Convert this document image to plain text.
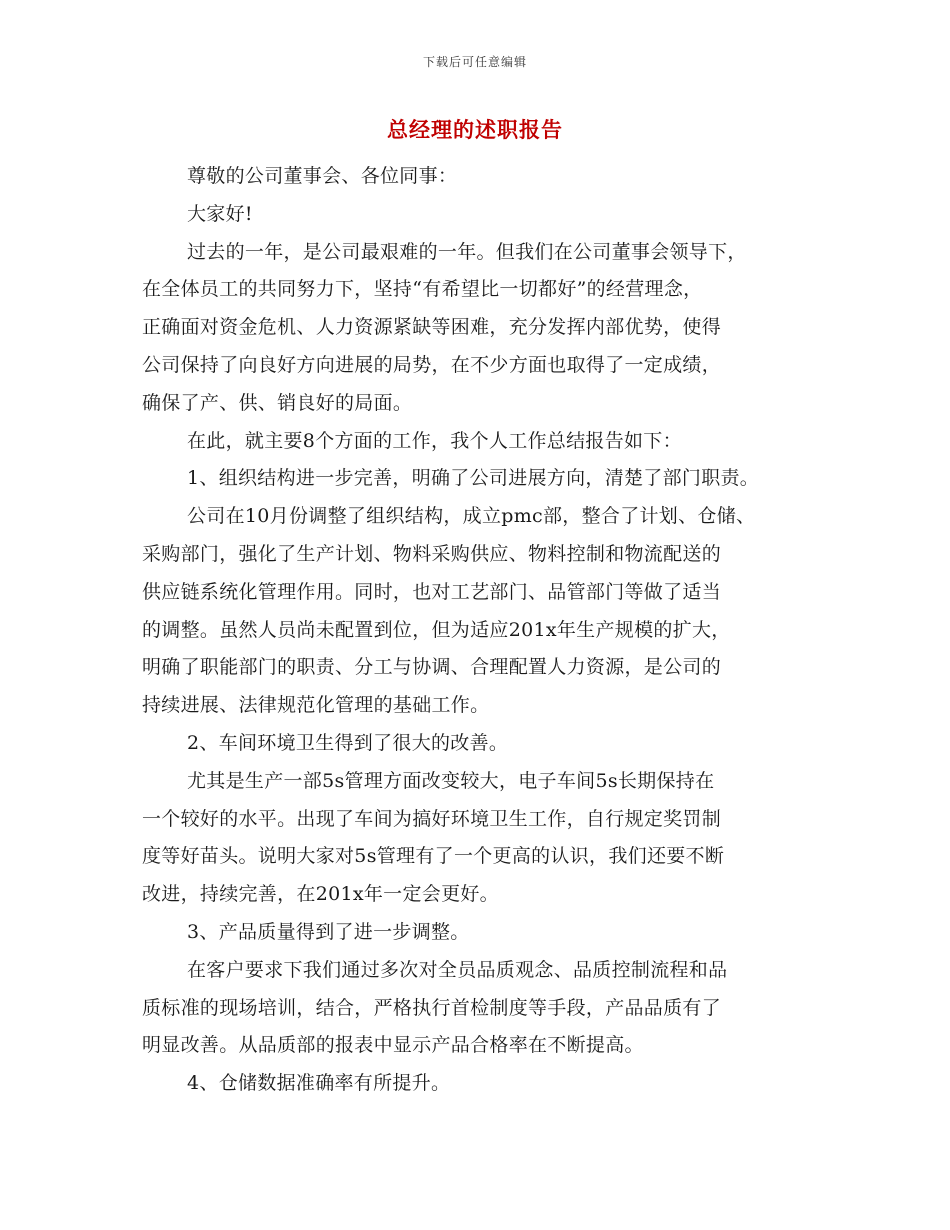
下载后可任意编辑
总经理的述职报告
尊敬的公司董事会、各位同事：
大家好!
过去的一年，是公司最艰难的一年。但我们在公司董事会领导下，
在全体员工的共同努力下，坚持“有希望比一切都好”的经营理念，
正确面对资金危机、人力资源紧缺等困难，充分发挥内部优势，使得
公司保持了向良好方向进展的局势，在不少方面也取得了一定成绩，
确保了产、供、销良好的局面。
在此，就主要8个方面的工作，我个人工作总结报告如下：
1、组织结构进一步完善，明确了公司进展方向，清楚了部门职责。
公司在10月份调整了组织结构，成立pmc部，整合了计划、仓储、
采购部门，强化了生产计划、物料采购供应、物料控制和物流配送的
供应链系统化管理作用。同时，也对工艺部门、品管部门等做了适当
的调整。虽然人员尚未配置到位，但为适应201x年生产规模的扩大，
明确了职能部门的职责、分工与协调、合理配置人力资源，是公司的
持续进展、法律规范化管理的基础工作。
2、车间环境卫生得到了很大的改善。
尤其是生产一部5s管理方面改变较大，电子车间5s长期保持在
一个较好的水平。出现了车间为搞好环境卫生工作，自行规定奖罚制
度等好苗头。说明大家对5s管理有了一个更高的认识，我们还要不断
改进，持续完善，在201x年一定会更好。
3、产品质量得到了进一步调整。
在客户要求下我们通过多次对全员品质观念、品质控制流程和品
质标准的现场培训，结合，严格执行首检制度等手段，产品品质有了
明显改善。从品质部的报表中显示产品合格率在不断提高。
4、仓储数据准确率有所提升。
